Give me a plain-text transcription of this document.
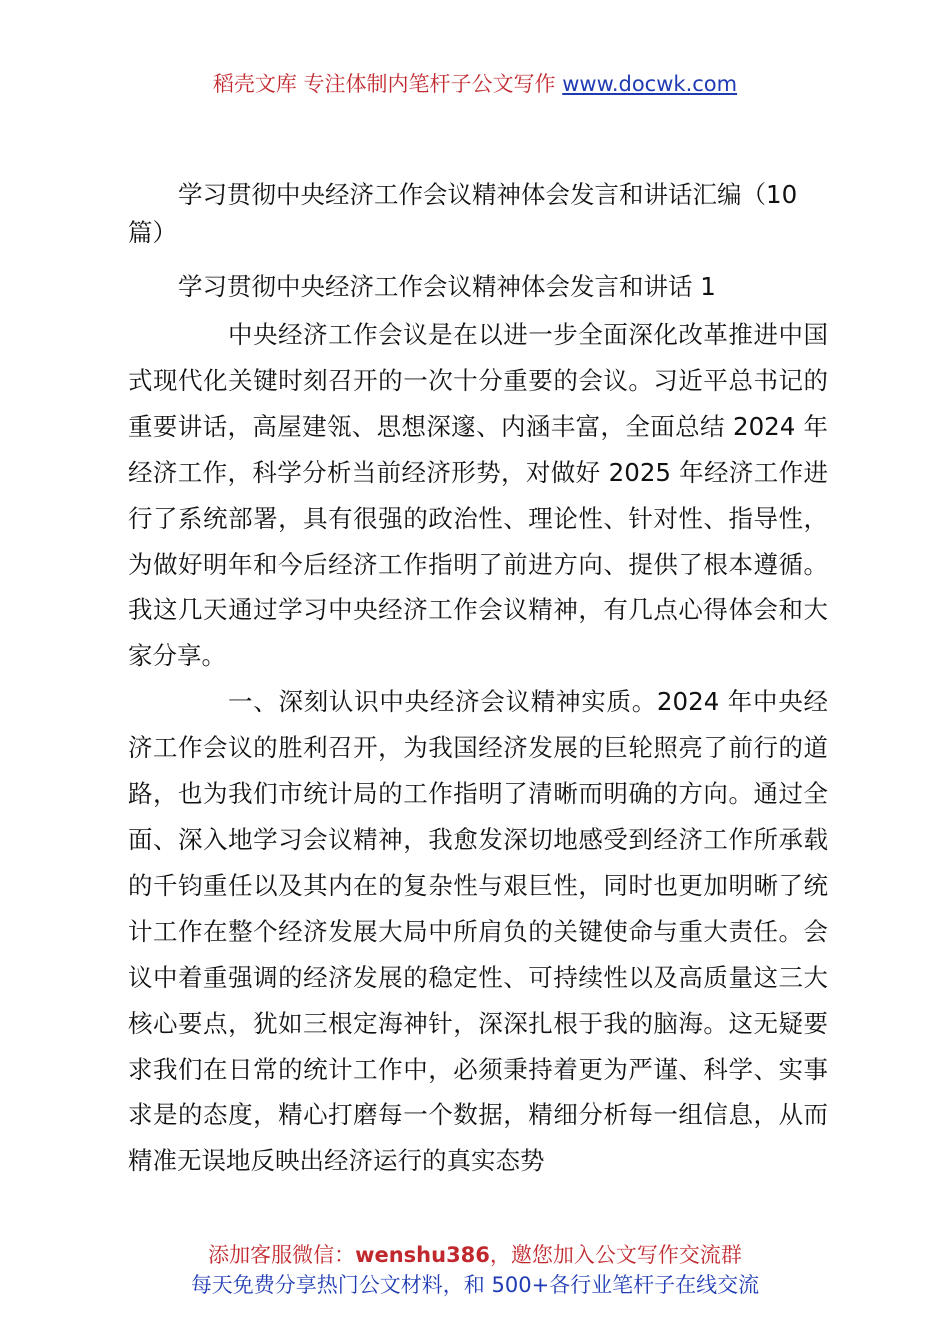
稻壳文库 专注体制内笔杆子公文写作 www.docwk.com
学习贯彻中央经济工作会议精神体会发言和讲话汇编（10篇）
学习贯彻中央经济工作会议精神体会发言和讲话 1

中央经济工作会议是在以进一步全面深化改革推进中国式现代化关键时刻召开的一次十分重要的会议。习近平总书记的重要讲话，高屋建瓴、思想深邃、内涵丰富，全面总结 2024 年经济工作，科学分析当前经济形势，对做好 2025 年经济工作进行了系统部署，具有很强的政治性、理论性、针对性、指导性，为做好明年和今后经济工作指明了前进方向、提供了根本遵循。我这几天通过学习中央经济工作会议精神，有几点心得体会和大家分享。

一、深刻认识中央经济会议精神实质。2024 年中央经济工作会议的胜利召开，为我国经济发展的巨轮照亮了前行的道路，也为我们市统计局的工作指明了清晰而明确的方向。通过全面、深入地学习会议精神，我愈发深切地感受到经济工作所承载的千钧重任以及其内在的复杂性与艰巨性，同时也更加明晰了统计工作在整个经济发展大局中所肩负的关键使命与重大责任。会议中着重强调的经济发展的稳定性、可持续性以及高质量这三大核心要点，犹如三根定海神针，深深扎根于我的脑海。这无疑要求我们在日常的统计工作中，必须秉持着更为严谨、科学、实事求是的态度，精心打磨每一个数据，精细分析每一组信息，从而精准无误地反映出经济运行的真实态势

添加客服微信：wenshu386，邀您加入公文写作交流群
每天免费分享热门公文材料，和 500+各行业笔杆子在线交流
